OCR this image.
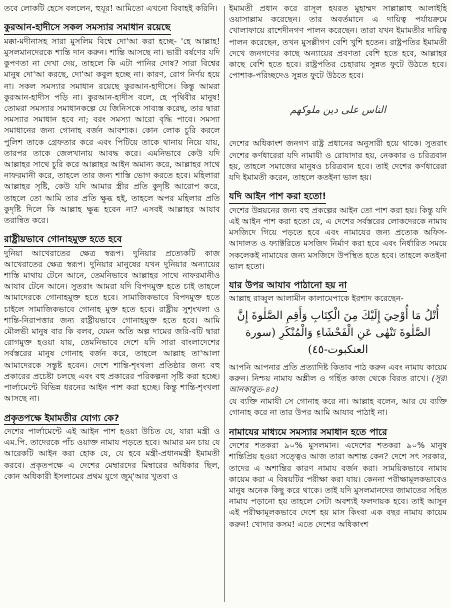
তবে লোকটি হেসে বললেন, হুযূর! আমিতো এখনো বিবাহই করিনি।

কুরআন-হাদীসে সকল সমস্যার সমাধান রয়েছে

মক্কা-মদীনাসহ সারা মুসলিম বিশ্বে দো'আ করা হচ্ছে- 'হে আল্লাহ! মুসলমানদেরকে শান্তি দান করুন। শান্তি আসছে না। ভারী বর্ষণের যদি কুপণতা না দেখা দেয়, তাহলে কি এটা পানির দোষ? সারা বিশ্বের মানুষ দো'আ করছে, দো'আ কবুল হচ্ছে না। কারণ, রোগ নির্ণয় হয়ে না। সকল সমস্যার সমাধান রয়েছে কুরআন-হাদীসে। কিন্তু আমরা কুরআন-হাদীস পড়ি না। কুরআন-হাদীস বলে, হে পৃথিবীর মানুষ! তোমরা সমস্যার সমাধানকল্পে যে জিনিসকে সাব্যস্ত করেছ, তার দ্বারা সমস্যার সমাধান হবে না; বরং সমস্যা আরো বৃদ্ধি পাবে। সমস্যা সমাধানের জন্য গোনাহ বর্জন আবশ্যক। কোন লোক চুরি করলে পুলিশ তাকে গ্রেফতার করে এবং পিটিয়ে তাকে থানায় নিয়ে যায়, তারপর তাকে জেলখানায় আবদ্ধ করে। এমনিভাবে কেউ যদি আল্লাহর সাথে চুরি করে আল্লাহর আইন অমান্য করে, আল্লাহর সাথে নাফরমানী করে, তাহলে তার জন্য শাস্তি ভোগ করতে হবে। মহিলারা আল্লাহর সৃষ্টি, কেউ যদি আমার স্ত্রীর প্রতি কুদৃষ্টি আরোপ করে, তাহলে তো আমি তার প্রতি ক্ষুব্ধ হই, তাহলে অপর মহিলার প্রতি কুদৃষ্টি দিলে কি আল্লাহ ক্ষুব্ধ হবেন না? এসবই আল্লাহর আযাব তরান্বিত করে।

রাষ্ট্রীয়ভাবে গোনাহমুক্ত হতে হবে

দুনিয়া আখেরাতের ক্ষেত্র স্বরূপ। দুনিয়ার প্রত্যেকটি কাজ আখেরাতের ক্ষেত্র স্বরূপ। দুনিয়ার মানুষের যখন দুনিয়ার অন্যায়ের শাস্তি মাথায় টেনে আনে, তেমনিভাবে আল্লাহর সাথে নাফরমানীও আযাব টেনে আনে। সুতরাং আমরা যদি বিপদমুক্ত হতে চাই তাহলে আমাদেরকে গোনাহমুক্ত হতে হবে। সামাজিকভাবে বিপদমুক্ত হতে চাইলে সামাজিকভাবে গোনাহ মুক্ত হতে হবে। রাষ্ট্রীয় সুশৃংখলা ও শান্তি-নিরাপত্তার জন্য রাষ্ট্রীয়ভাবে গোনাহমুক্ত হতে হবে। আমি মৌলভী মানুষ বার কি বলব, যেমন অতি অল্প দামের জরি-বটি দ্বারা রোগমুক্ত হওয়া যায়, তেমনিভাবে দেশে যদি সারা বাংলাদেশের সর্বস্তরের মানুষ গোনাহ বর্জন করে, তাহলে আল্লাহ তা'আলা আমাদেরকে সন্তুষ্ট হবেন। দেশে শান্তি-শৃংখলা প্রতিষ্ঠার জন্য বহু প্রকারের প্রচেষ্টা চলছে এবং বহু প্রকারের পরিকল্পনা সৃষ্টি করা হচ্ছে। পার্লামেন্টে বিভিন্ন ধরনের আইন পাশ করা হচ্ছে। কিন্তু শান্তি-শৃংখলা আসছে না।

প্রকৃতপক্ষে ইমামতীর যোগ্য কে?

দেশের পার্লামেন্টে এই আইন পাশ হওয়া উচিত যে, যারা মন্ত্রী ও এম.পি. তাদেরকে পাঁচ ওয়াক্ত নামায পড়তে হবে। আমার মন চায় যে আরেকটি আইন করা হোক যে, যে হবে মন্ত্রী-প্রধানমন্ত্রী ইমামতী করবে। প্রকৃতপক্ষে এ দেশের মেম্বারদের মিম্বারের অধিকার ছিল, কোন অধিকারী ইসলামের প্রথম যুগে জুম্'আর খুতবা ও

ইমামতী প্রধান করে রাসূল হযরত মুহাম্মদ সাল্লাল্লাহু আলাইহি ওয়াসাল্লাম করেছেন। তার অবর্তমানে এ দায়িত্ব পর্যায়ক্রমে খোলাফায়ে রাশেদীনগণ পালন করেছেন। তারা যখন ইমামতীর দায়িত্ব পালন করেছেন, তখন মুসল্লীগণ বেশি খুশি হতেন। রাষ্ট্রপতির ইমামতী দেখে জনগণের কাছে অন্যায়ের প্রবণতা বেশি হতে হবে, আল্লাহর কাছে বেশি হতে হবে। রাষ্ট্রপতির চেহারায় সুন্নত ফুটে উঠতে হবে। পোশাক-পরিচ্ছদেও সুন্নত ফুটে উঠতে হবে।

الناس على دين ملوكهم

দেশের অধিকাংশ জনগণ রাষ্ট্র প্রধানের অনুসারী হয়ে থাকে। সুতরাং দেশের কর্ণধারেরা যদি নামাযী ও রোযাদার হয়, নেককার ও চরিত্রবান হয়, তাহলে সমাজের মানুষও চরিত্রবান হবে। তাই দেশের কর্ণধারেরা যদি ইমামতী করেন, তাহলে কতইনা ভাল হয়।

যদি আইন পাশ করা হতো!

দেশের উন্নয়নের জন্য বহু প্রকল্পের আইন তো পাশ করা হয়। কিন্তু যদি এই আইন পাশ করা হতো যে, এ দেশের সর্বস্তরের লোকদেরকে নামায মসজিদে গিয়ে পড়তে হবে এবং নামাযের জন্য প্রত্যেক অফিস-আদালত ও ফ্যাক্টরিতে মসজিদ নির্মাণ করা হবে এবং নির্ধারিত সময়ে সকলেকই নামাযের জন্য মসজিদে উপস্থিত হতে হবে। তাহলে কতইনা ভাল হতো।

যার উপর আযাব পাঠানো হয় না

আল্লাহ রাব্বুল আলামীন কালামেপাকে ইরশাদ করেছেন-

أُتْلُ مَا أُوْحِيَ إِلَيْكَ مِنَ الْكِتَابِ وَأَقِمِ الصَّلٰوةَ إِنَّ الصَّلٰوةَ تَنْهٰى عَنِ الْفَحْشَاءِ وَالْمُنْكَرِ (سورة العنكبوت-٤٥)

আপনি আপনার প্রতি প্রত্যাদিষ্ট কিতাব পাঠ করুন এবং নামায কায়েম করুন। নিশ্চয় নামায অশ্লীল ও গর্হিত কাজ থেকে বিরত রাখে। (সূরা আনকাবুত-৪৫)

যে ব্যক্তি নামাযী সে গোনাহ করে না। আল্লাহ বলেন, আর যে ব্যক্তি গোনাহ করে না তার উপর আমি আযাব পাঠাই না।

নামাযের মাধ্যমে সমস্যার সমাধান হতে পারে

দেশের শতকরা ৯০% মুসলমান। এদেশের শতকরা ৯০% মানুষ শান্তিপ্রিয় হওয়া সত্ত্বেও আজ তারা অশান্ত কেন? দেশে সৎ সরকার, তাদের এ অশান্তির কারণ নামায বর্জন করা। সাময়িকভাবে নামায কায়েম করা এ বিষয়টির পরীক্ষা করা যায়। কেননা পরীক্ষামূলকভাবেও মানুষ অনেক কিছু করে থাকে। তাই যদি মুসলমানদের জামাতের সহিত নামায পড়ানো হয় তাহলে সেটা অবশ্যই ফলদায়ক হবে। তাই আসুন এই পরীক্ষামূলকভাবে দেশে হয় মাস কিংবা এক বছর নামায কায়েম করুন! খোদার কসম! এতে দেশের অধিকাংশ
